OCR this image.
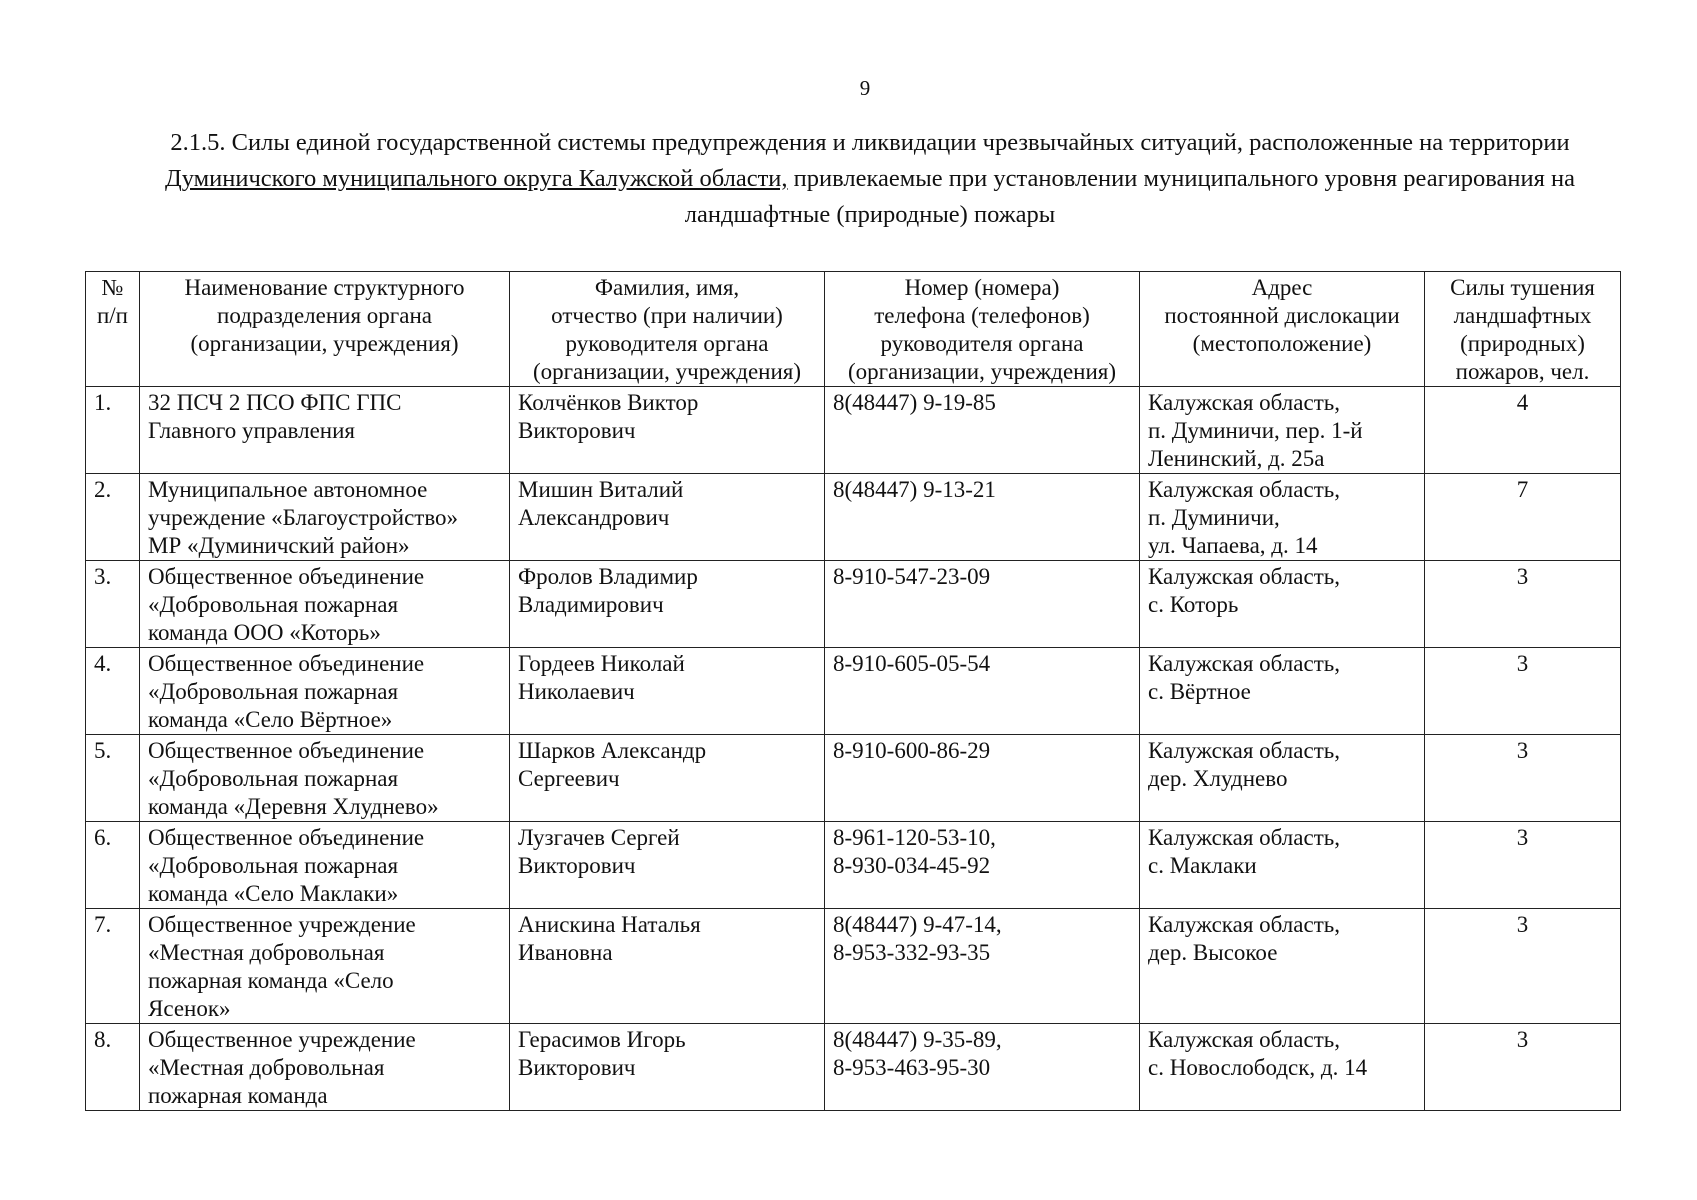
9
2.1.5. Силы единой государственной системы предупреждения и ликвидации чрезвычайных ситуаций, расположенные на территории Думиничского муниципального округа Калужской области, привлекаемые при установлении муниципального уровня реагирования на ландшафтные (природные) пожары
№
п/п	Наименование структурного
подразделения органа
(организации, учреждения)	Фамилия, имя,
отчество (при наличии)
руководителя органа
(организации, учреждения)	Номер (номера)
телефона (телефонов)
руководителя органа
(организации, учреждения)	Адрес
постоянной дислокации
(местоположение)	Силы тушения
ландшафтных
(природных)
пожаров, чел.

1.	32 ПСЧ 2 ПСО ФПС ГПС
Главного управления	Колчёнков Виктор
Викторович	8(48447) 9-19-85	Калужская область,
п. Думиничи, пер. 1-й
Ленинский, д. 25а	4
2.	Муниципальное автономное
учреждение «Благоустройство»
МР «Думиничский район»	Мишин Виталий
Александрович	8(48447) 9-13-21	Калужская область,
п. Думиничи,
ул. Чапаева, д. 14	7
3.	Общественное объединение
«Добровольная пожарная
команда ООО «Которь»	Фролов Владимир
Владимирович	8-910-547-23-09	Калужская область,
с. Которь	3
4.	Общественное объединение
«Добровольная пожарная
команда «Село Вёртное»	Гордеев Николай
Николаевич	8-910-605-05-54	Калужская область,
с. Вёртное	3
5.	Общественное объединение
«Добровольная пожарная
команда «Деревня Хлуднево»	Шарков Александр
Сергеевич	8-910-600-86-29	Калужская область,
дер. Хлуднево	3
6.	Общественное объединение
«Добровольная пожарная
команда «Село Маклаки»	Лузгачев Сергей
Викторович	8-961-120-53-10,
8-930-034-45-92	Калужская область,
с. Маклаки	3
7.	Общественное учреждение
«Местная добровольная
пожарная команда «Село
Ясенок»	Анискина Наталья
Ивановна	8(48447) 9-47-14,
8-953-332-93-35	Калужская область,
дер. Высокое	3
8.	Общественное учреждение
«Местная добровольная
пожарная команда	Герасимов Игорь
Викторович	8(48447) 9-35-89,
8-953-463-95-30	Калужская область,
с. Новослободск, д. 14	3
